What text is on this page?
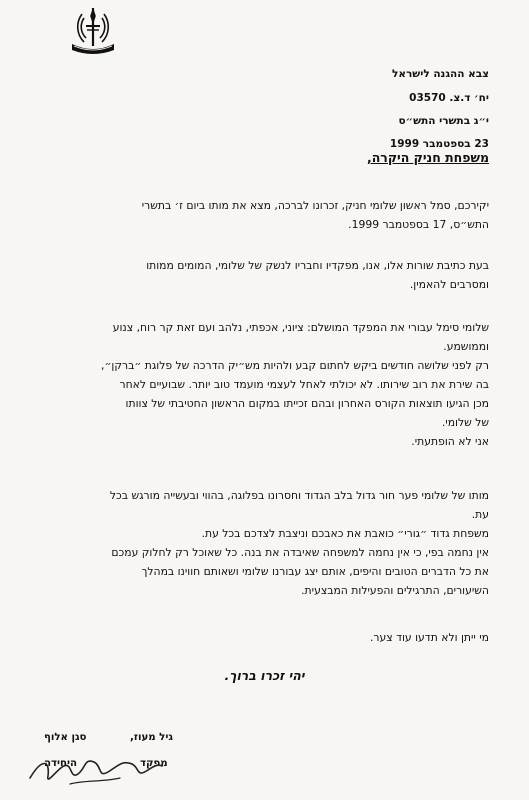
צבא ההגנה לישראל
יח׳ ד.צ. 03570
י״ג בתשרי התש״ס
23 בספטמבר 1999
משפחת חניק היקרה,

יקירכם, סמל ראשון שלומי חניק, זכרונו לברכה, מצא את מותו ביום ז׳ בתשרי

התש״ס, 17 בספטמבר 1999.

בעת כתיבת שורות אלו, אנו, מפקדיו וחבריו לנשק של שלומי, המומים ממותו

ומסרבים להאמין.

שלומי סימל עבורי את המפקד המושלם: ציוני, אכפתי, נלהב ועם זאת קר רוח, צנוע

וממושמע.

רק לפני שלושה חודשים ביקש לחתום קבע ולהיות מש״יק הדרכה של פלוגת ״ברקן״,

בה שירת את רוב שירותו. לא יכולתי לאחל לעצמי מועמד טוב יותר. שבועיים לאחר

מכן הגיעו תוצאות הקורס האחרון ובהם זכייתו במקום הראשון החטיבתי של צוותו

של שלומי.

אני לא הופתעתי.

מותו של שלומי פער חור גדול בלב הגדוד וחסרונו בפלוגה, בהווי ובעשייה מורגש בכל

עת.

משפחת גדוד ״גורי״ כואבת את כאבכם וניצבת לצדכם בכל עת.

אין נחמה בפי, כי אין נחמה למשפחה שאיבדה את בנה. כל שאוכל רק לחלוק עמכם

את כל הדברים הטובים והיפים, אותם יצג עבורנו שלומי ושאותם חווינו במהלך

השיעורים, התרגילים והפעילות המבצעית.

מי ייתן ולא תדעו עוד צער.

יהי זכרו ברוך.
גיל מעוז,
סגן אלוף
מפקד
היחידה
